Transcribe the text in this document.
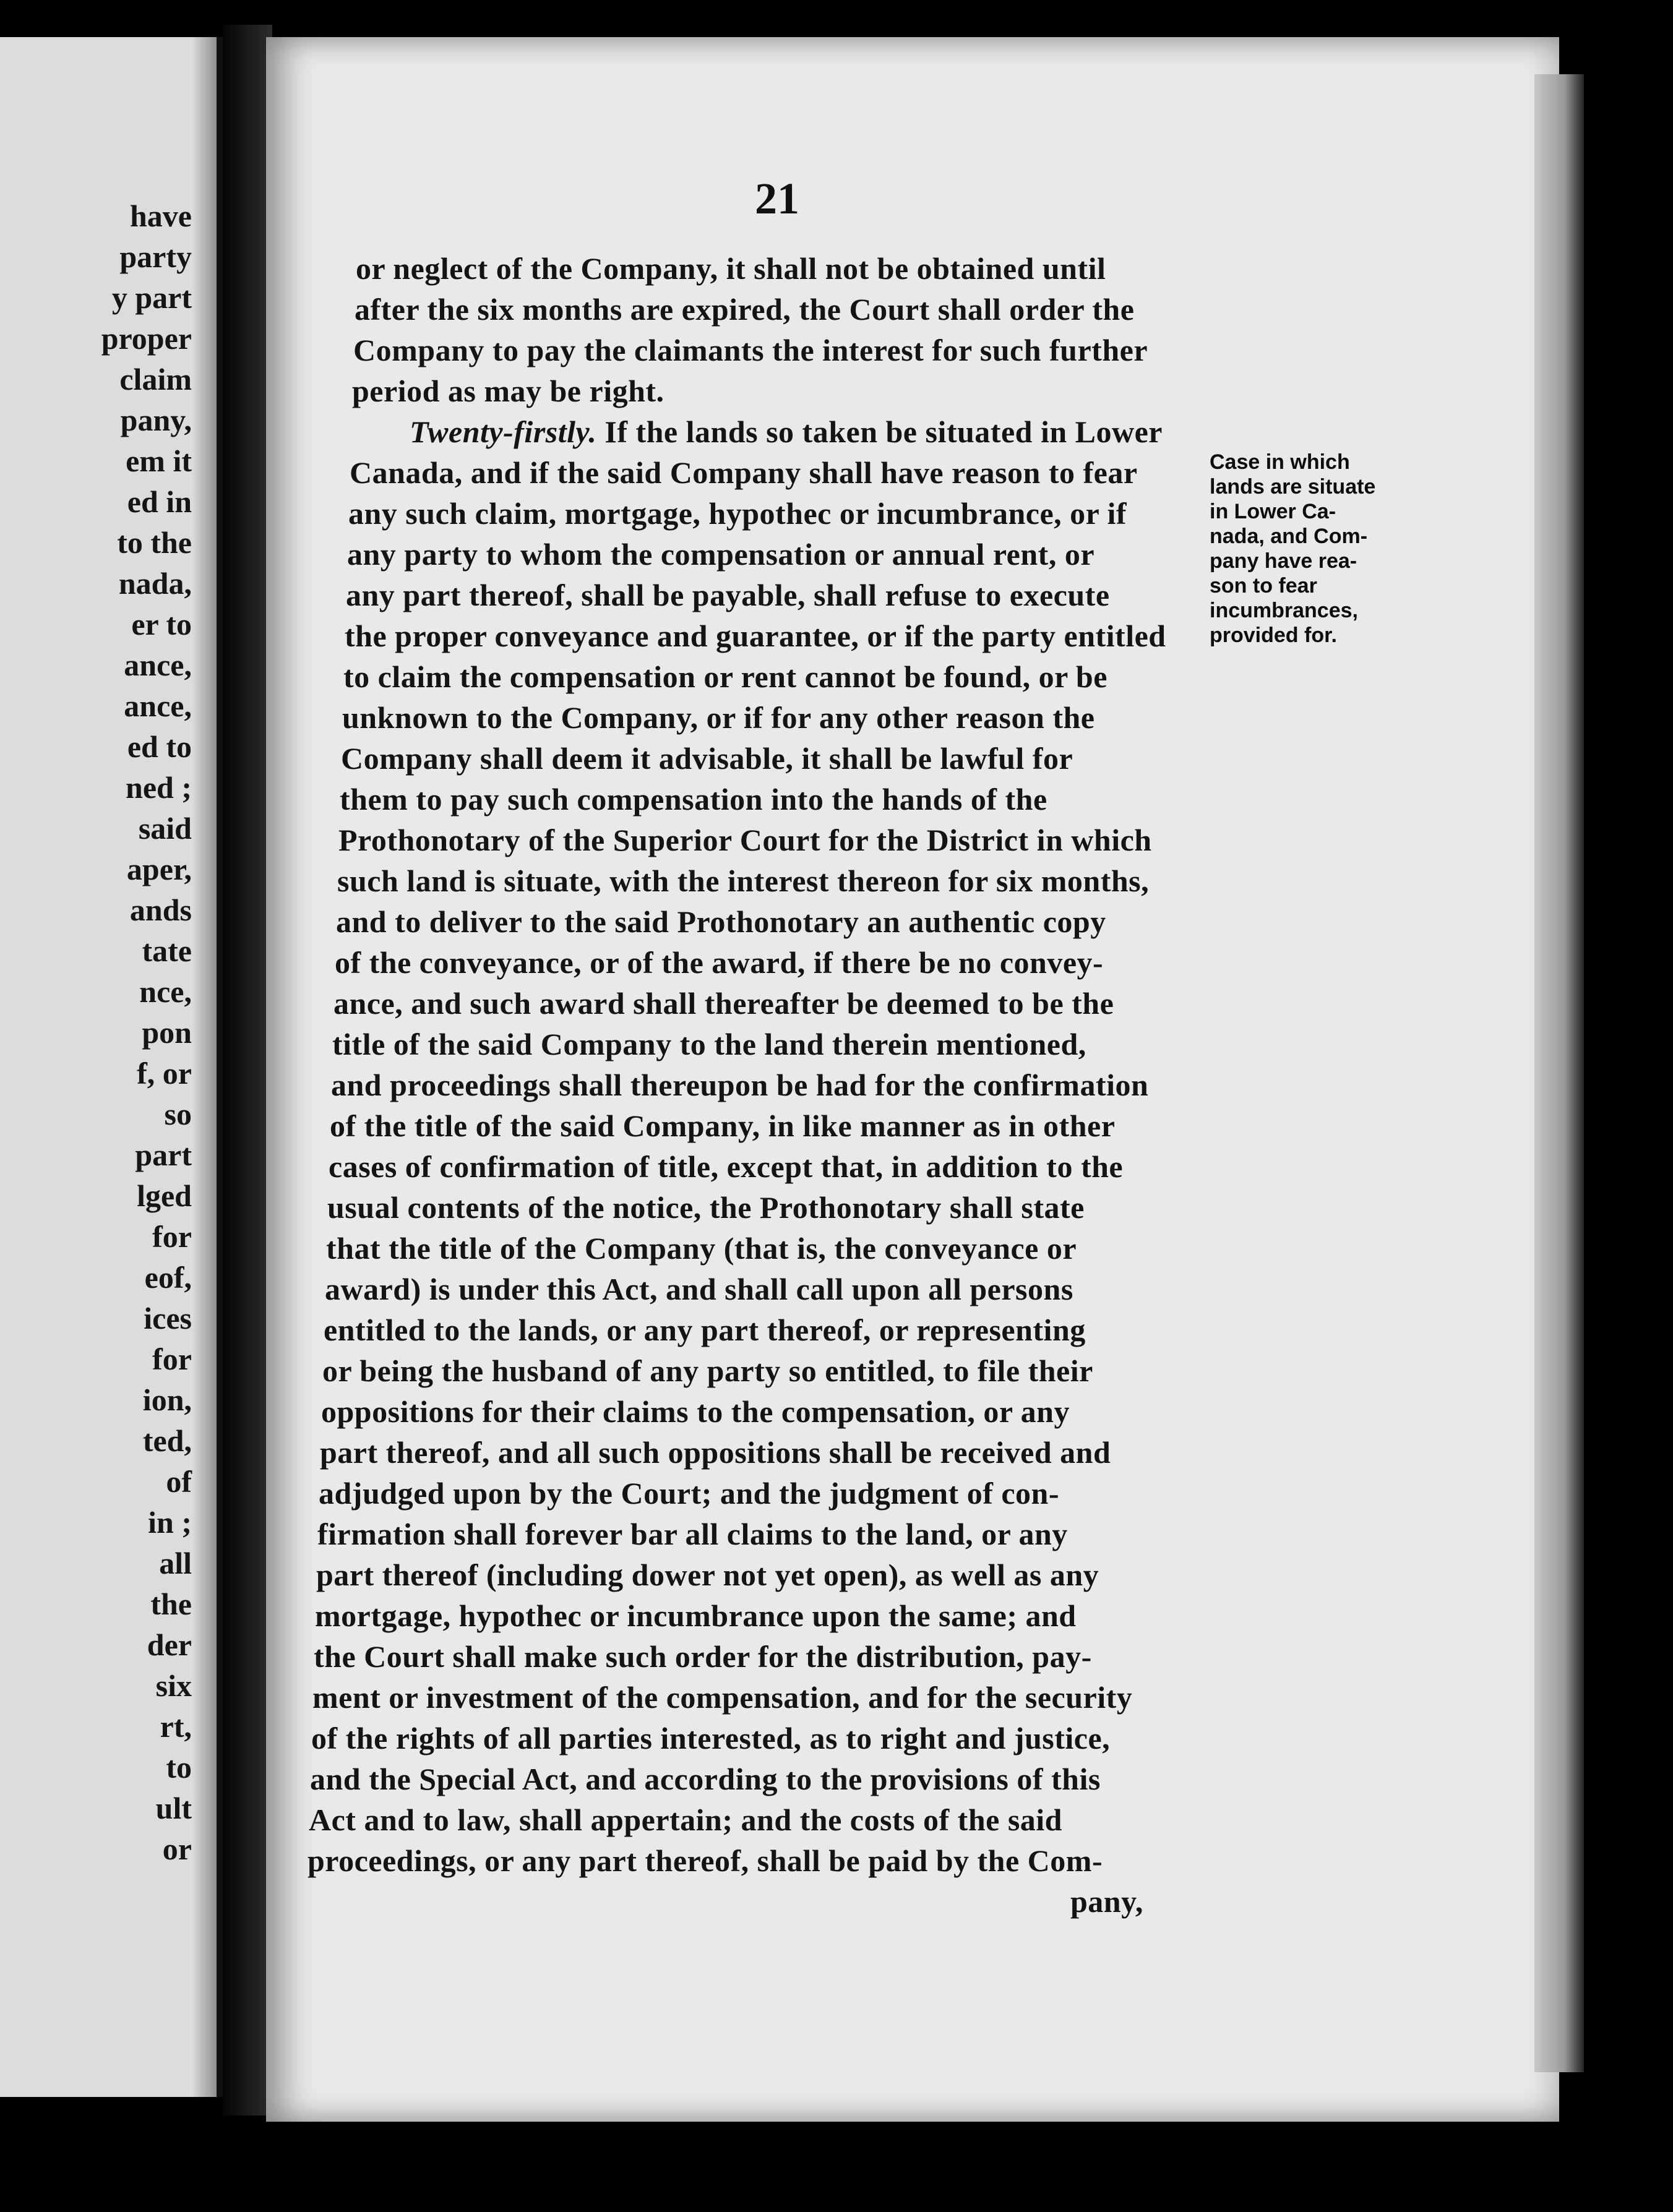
have
party
y part
proper
claim
pany,
em it
ed in
to the
nada,
er to
ance,
ance,
ed to
ned ;
said
aper,
ands
tate
nce,
pon
f, or
so
part
lged
for
eof,
ices
for
ion,
ted,
of
in ;
all
the
der
six
rt,
to
ult
or
21
or neglect of the Company, it shall not be obtained until
after the six months are expired, the Court shall order the
Company to pay the claimants the interest for such further
period as may be right.
Twenty-firstly. If the lands so taken be situated in Lower
Canada, and if the said Company shall have reason to fear
any such claim, mortgage, hypothec or incumbrance, or if
any party to whom the compensation or annual rent, or
any part thereof, shall be payable, shall refuse to execute
the proper conveyance and guarantee, or if the party entitled
to claim the compensation or rent cannot be found, or be
unknown to the Company, or if for any other reason the
Company shall deem it advisable, it shall be lawful for
them to pay such compensation into the hands of the
Prothonotary of the Superior Court for the District in which
such land is situate, with the interest thereon for six months,
and to deliver to the said Prothonotary an authentic copy
of the conveyance, or of the award, if there be no convey-
ance, and such award shall thereafter be deemed to be the
title of the said Company to the land therein mentioned,
and proceedings shall thereupon be had for the confirmation
of the title of the said Company, in like manner as in other
cases of confirmation of title, except that, in addition to the
usual contents of the notice, the Prothonotary shall state
that the title of the Company (that is, the conveyance or
award) is under this Act, and shall call upon all persons
entitled to the lands, or any part thereof, or representing
or being the husband of any party so entitled, to file their
oppositions for their claims to the compensation, or any
part thereof, and all such oppositions shall be received and
adjudged upon by the Court; and the judgment of con-
firmation shall forever bar all claims to the land, or any
part thereof (including dower not yet open), as well as any
mortgage, hypothec or incumbrance upon the same; and
the Court shall make such order for the distribution, pay-
ment or investment of the compensation, and for the security
of the rights of all parties interested, as to right and justice,
and the Special Act, and according to the provisions of this
Act and to law, shall appertain; and the costs of the said
proceedings, or any part thereof, shall be paid by the Com-
pany,
Case in which
lands are situate
in Lower Ca-
nada, and Com-
pany have rea-
son to fear
incumbrances,
provided for.
